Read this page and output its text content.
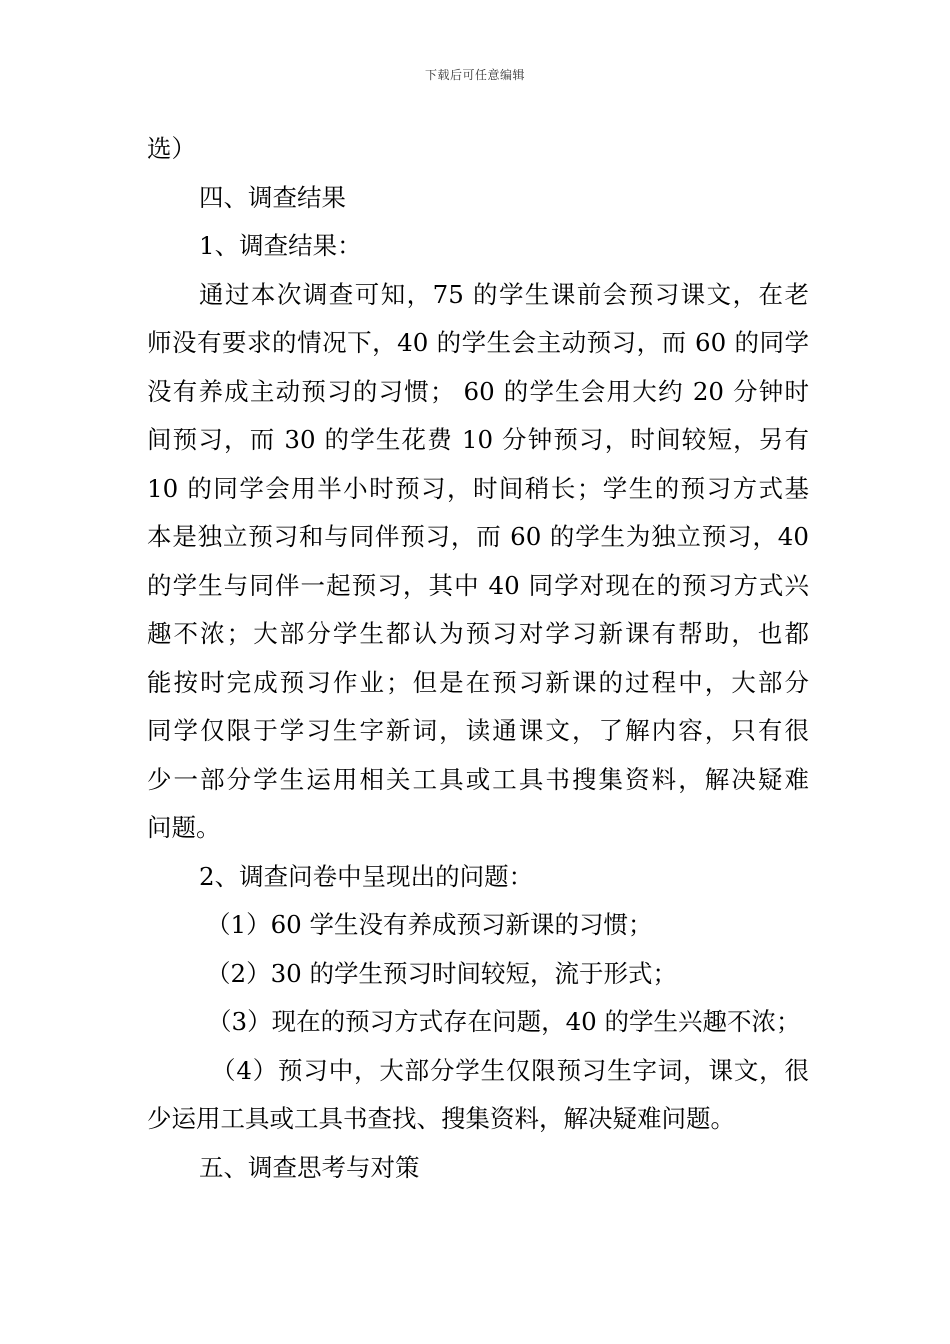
下载后可任意编辑
选）
四、调查结果
1、调查结果：
通过本次调查可知，75 的学生课前会预习课文，在老
师没有要求的情况下，40 的学生会主动预习，而 60 的同学
没有养成主动预习的习惯； 60 的学生会用大约 20 分钟时
间预习，而 30 的学生花费 10 分钟预习，时间较短，另有
10 的同学会用半小时预习，时间稍长；学生的预习方式基
本是独立预习和与同伴预习，而 60 的学生为独立预习，40
的学生与同伴一起预习，其中 40 同学对现在的预习方式兴
趣不浓；大部分学生都认为预习对学习新课有帮助，也都
能按时完成预习作业；但是在预习新课的过程中，大部分
同学仅限于学习生字新词，读通课文，了解内容，只有很
少一部分学生运用相关工具或工具书搜集资料，解决疑难
问题。
2、调查问卷中呈现出的问题：
（1）60 学生没有养成预习新课的习惯；
（2）30 的学生预习时间较短，流于形式；
（3）现在的预习方式存在问题，40 的学生兴趣不浓；
（4）预习中，大部分学生仅限预习生字词，课文，很
少运用工具或工具书查找、搜集资料，解决疑难问题。
五、调查思考与对策
